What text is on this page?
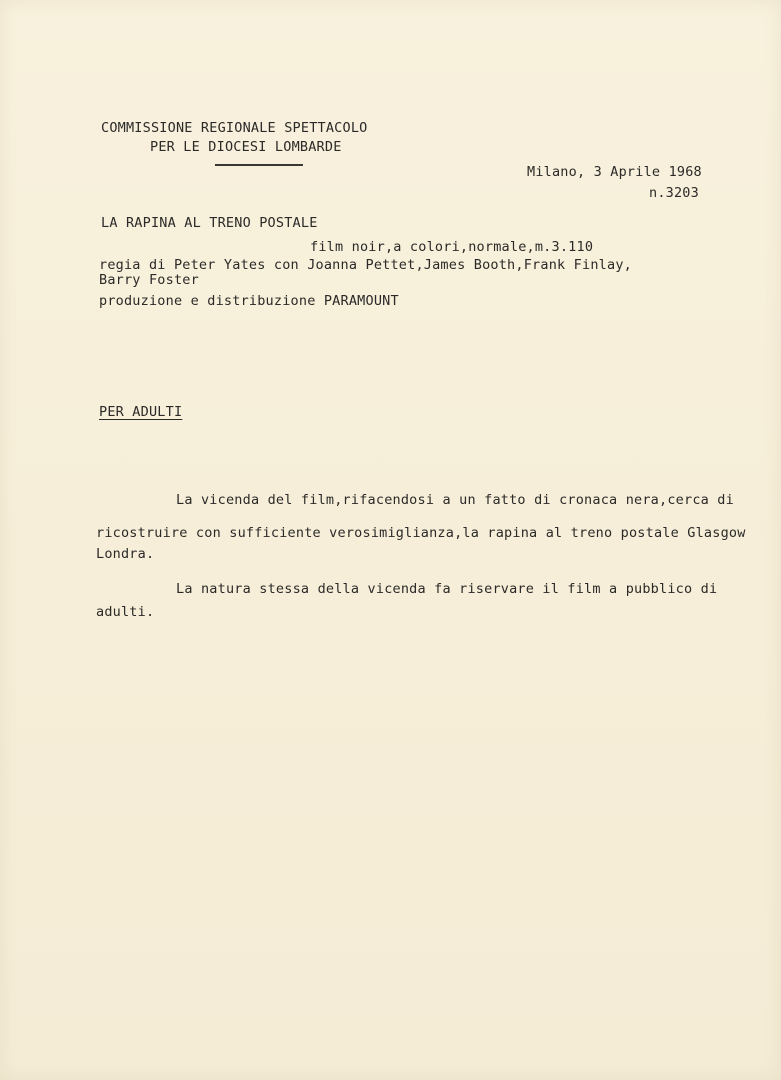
COMMISSIONE REGIONALE SPETTACOLO
PER LE DIOCESI LOMBARDE
Milano, 3 Aprile 1968
n.3203
LA RAPINA AL TRENO POSTALE
film noir,a colori,normale,m.3.110
regia di Peter Yates con Joanna Pettet,James Booth,Frank Finlay,
Barry Foster
produzione e distribuzione PARAMOUNT
PER ADULTI
La vicenda del film,rifacendosi a un fatto di cronaca nera,cerca di
ricostruire con sufficiente verosimiglianza,la rapina al treno postale Glasgow
Londra.
La natura stessa della vicenda fa riservare il film a pubblico di
adulti.
